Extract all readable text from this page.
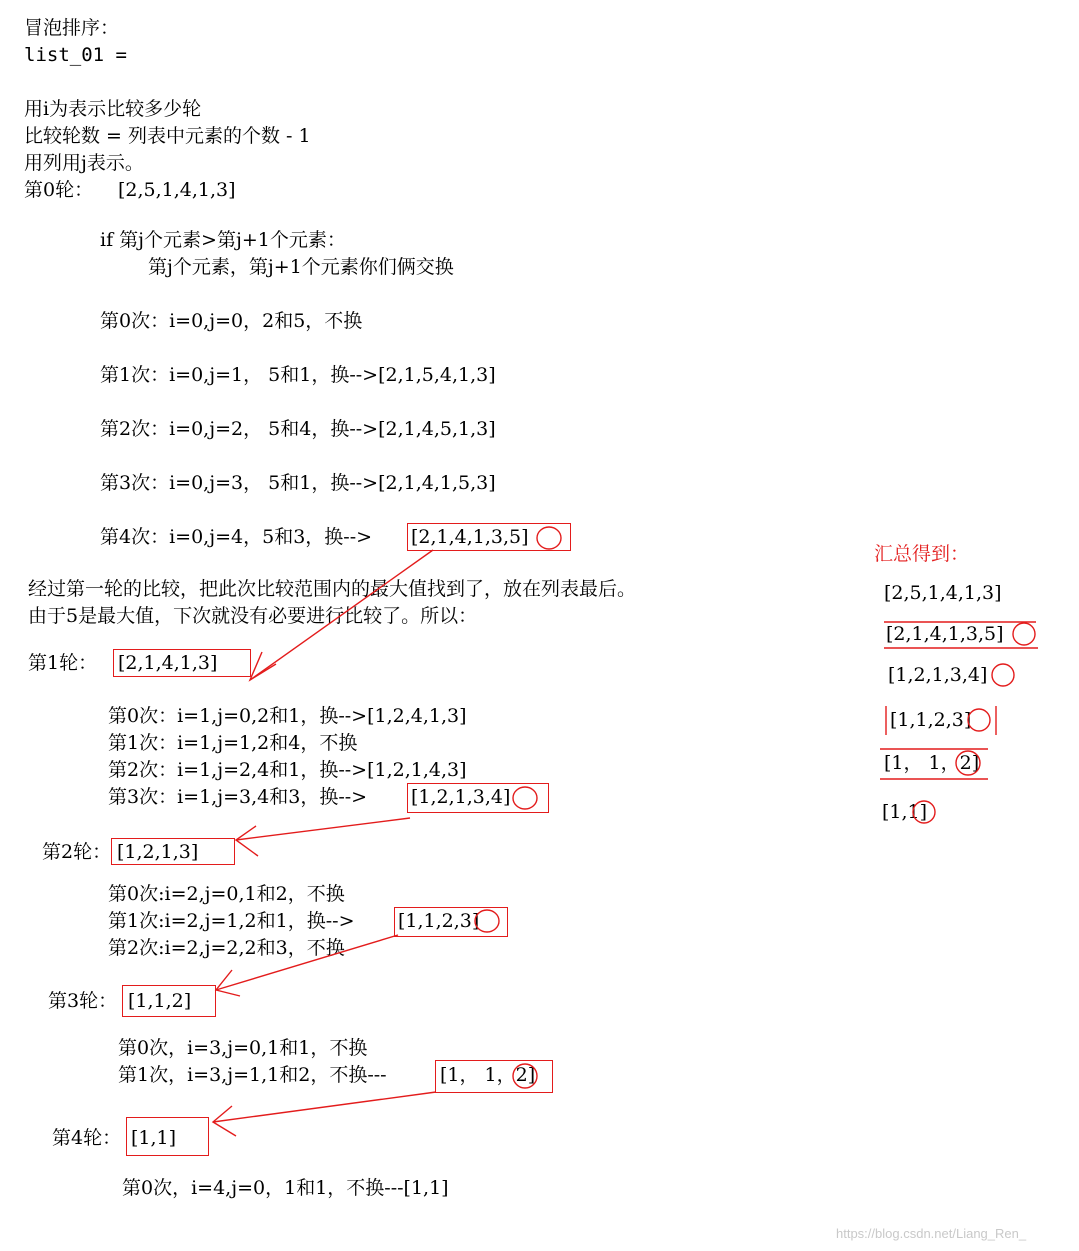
冒泡排序：
list_01 =
用i为表示比较多少轮
比较轮数 = 列表中元素的个数 - 1
用列用j表示。
第0轮： [2,5,1,4,1,3]
if 第j个元素>第j+1个元素：
第j个元素，第j+1个元素你们俩交换
第0次：i=0,j=0，2和5，不换
第1次：i=0,j=1， 5和1，换-->[2,1,5,4,1,3]
第2次：i=0,j=2， 5和4，换-->[2,1,4,5,1,3]
第3次：i=0,j=3， 5和1，换-->[2,1,4,1,5,3]
第4次：i=0,j=4，5和3，换--> [2,1,4,1,3,5]
经过第一轮的比较，把此次比较范围内的最大值找到了，放在列表最后。
由于5是最大值，下次就没有必要进行比较了。所以：
第1轮： [2,1,4,1,3]
第0次：i=1,j=0,2和1，换-->[1,2,4,1,3]
第1次：i=1,j=1,2和4，不换
第2次：i=1,j=2,4和1，换-->[1,2,1,4,3]
第3次：i=1,j=3,4和3，换--> [1,2,1,3,4]
第2轮： [1,2,1,3]
第0次:i=2,j=0,1和2，不换
第1次:i=2,j=1,2和1，换-->
第2次:i=2,j=2,2和3，不换
[1,1,2,3]
第3轮： [1,1,2]
第0次，i=3,j=0,1和1，不换
第1次，i=3,j=1,1和2，不换---	[1， 1，2]
第4轮： [1,1]
第0次，i=4,j=0，1和1，不换---[1,1]
汇总得到：
[2,5,1,4,1,3]
[2,1,4,1,3,5]
[1,2,1,3,4]
[1,1,2,3]
[1， 1，2]
[1,1]
https://blog.csdn.net/Liang_Ren_
